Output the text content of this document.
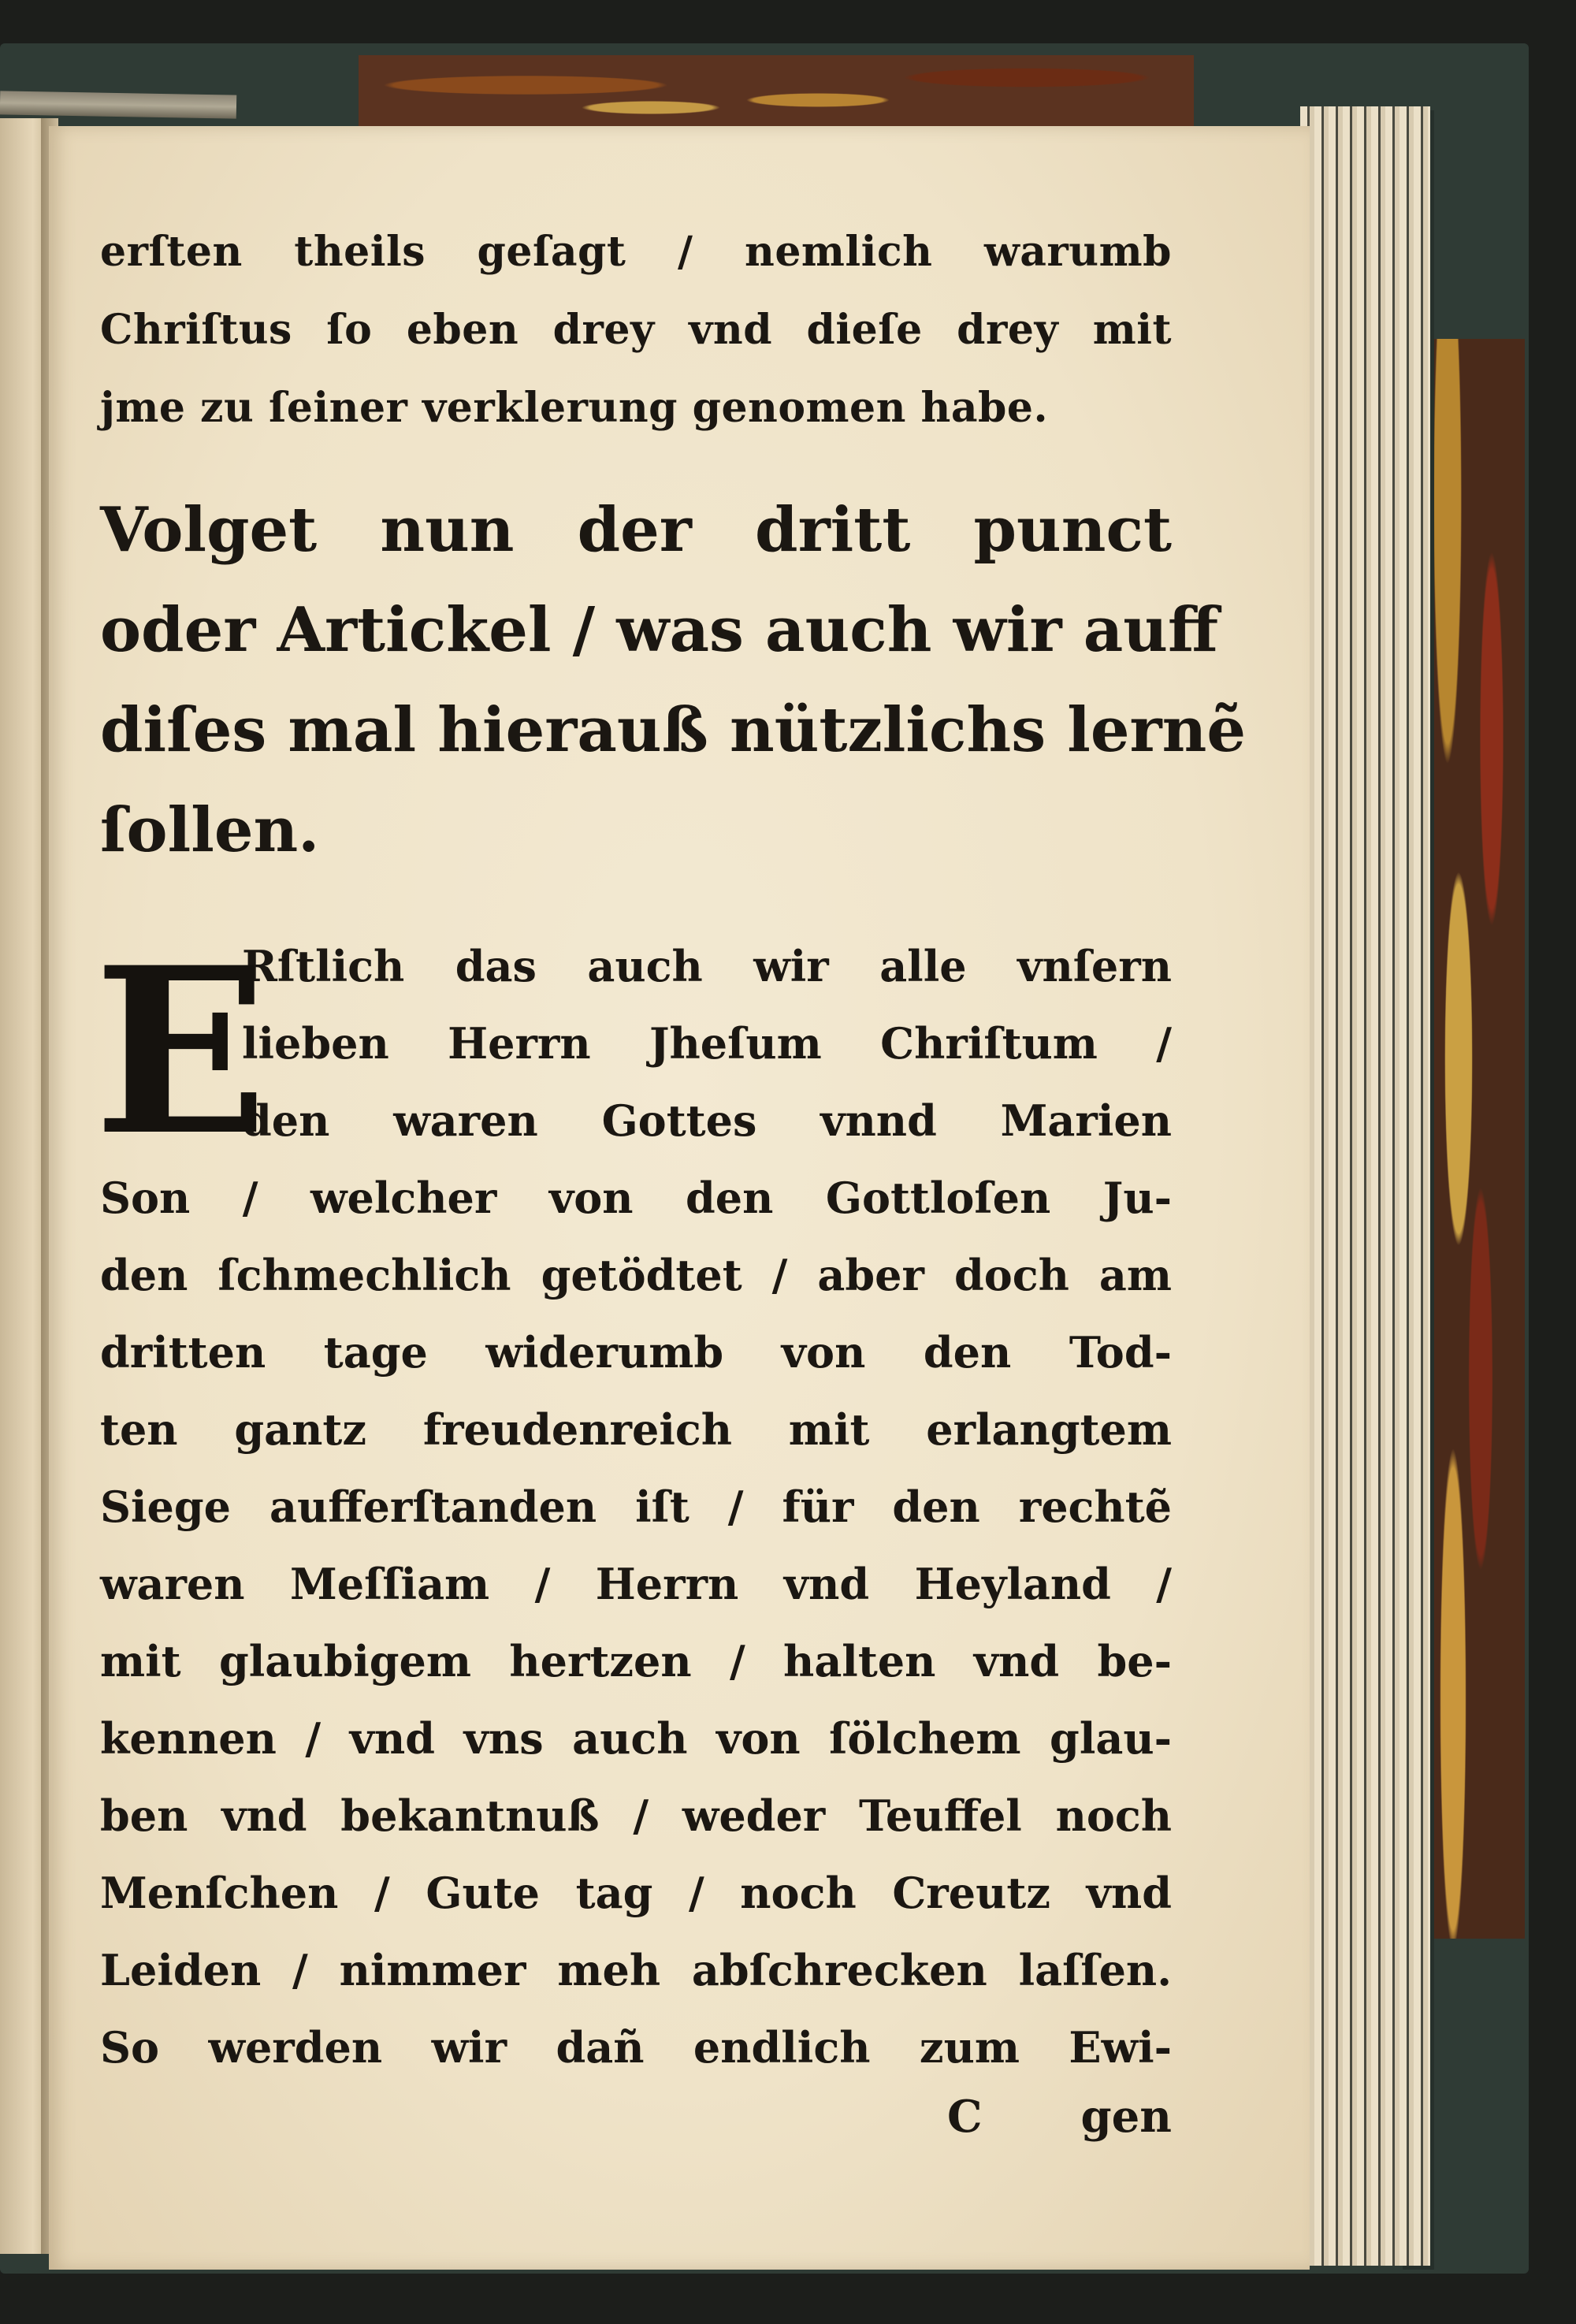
erſten theils geſagt / nemlich warumb
Chriſtus ſo eben drey vnd dieſe drey mit
jme zu ſeiner verklerung genomen habe.
Volget nun der dritt punct
oder Artickel / was auch wir auff
diſes mal hierauß nützlichs lernẽ
ſollen.
E
Rſtlich das auch wir alle vnſern
lieben Herrn Jheſum Chriſtum /
den waren Gottes vnnd Marien
Son / welcher von den Gottloſen Ju-
den ſchmechlich getödtet / aber doch am
dritten tage widerumb von den Tod-
ten gantz freudenreich mit erlangtem
Siege aufferſtanden iſt / für den rechtẽ
waren Meſſiam / Herrn vnd Heyland /
mit glaubigem hertzen / halten vnd be-
kennen / vnd vns auch von ſölchem glau-
ben vnd bekantnuß / weder Teuffel noch
Menſchen / Gute tag / noch Creutz vnd
Leiden / nimmer meh abſchrecken laſſen.
So werden wir dañ endlich zum Ewi-
C gen
